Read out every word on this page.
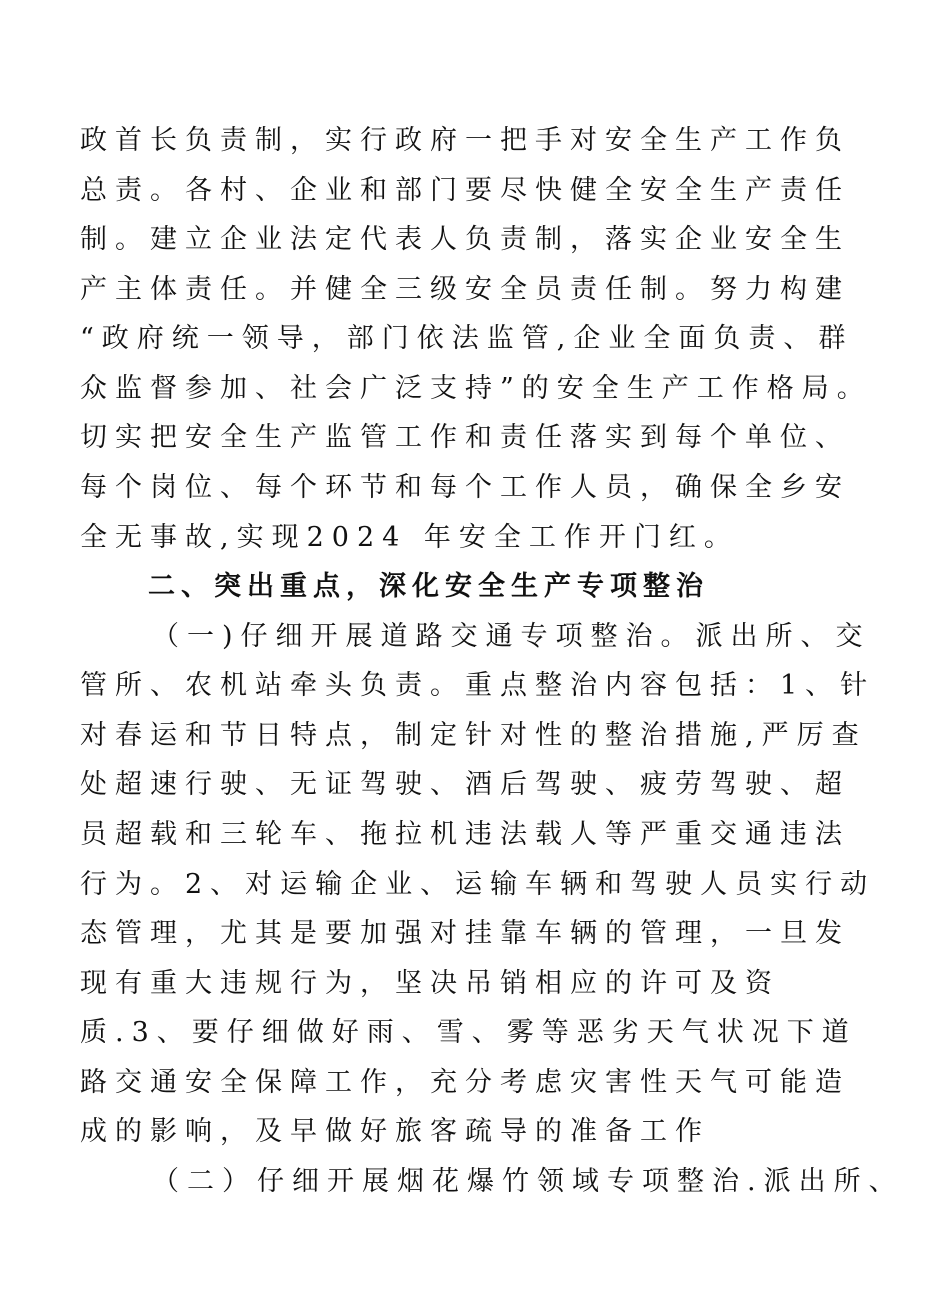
政首长负责制，实行政府一把手对安全生产工作负
总责。各村、企业和部门要尽快健全安全生产责任
制。建立企业法定代表人负责制，落实企业安全生
产主体责任。并健全三级安全员责任制。努力构建
“政府统一领导，部门依法监管,企业全面负责、群
众监督参加、社会广泛支持”的安全生产工作格局。
切实把安全生产监管工作和责任落实到每个单位、
每个岗位、每个环节和每个工作人员，确保全乡安
全无事故,实现2024 年安全工作开门红。
二、突出重点，深化安全生产专项整治
（一)仔细开展道路交通专项整治。派出所、交
管所、农机站牵头负责。重点整治内容包括：1、针
对春运和节日特点，制定针对性的整治措施,严厉查
处超速行驶、无证驾驶、酒后驾驶、疲劳驾驶、超
员超载和三轮车、拖拉机违法载人等严重交通违法
行为。2、对运输企业、运输车辆和驾驶人员实行动
态管理，尤其是要加强对挂靠车辆的管理，一旦发
现有重大违规行为，坚决吊销相应的许可及资
质.3、要仔细做好雨、雪、雾等恶劣天气状况下道
路交通安全保障工作，充分考虑灾害性天气可能造
成的影响，及早做好旅客疏导的准备工作
（二）仔细开展烟花爆竹领域专项整治.派出所、
